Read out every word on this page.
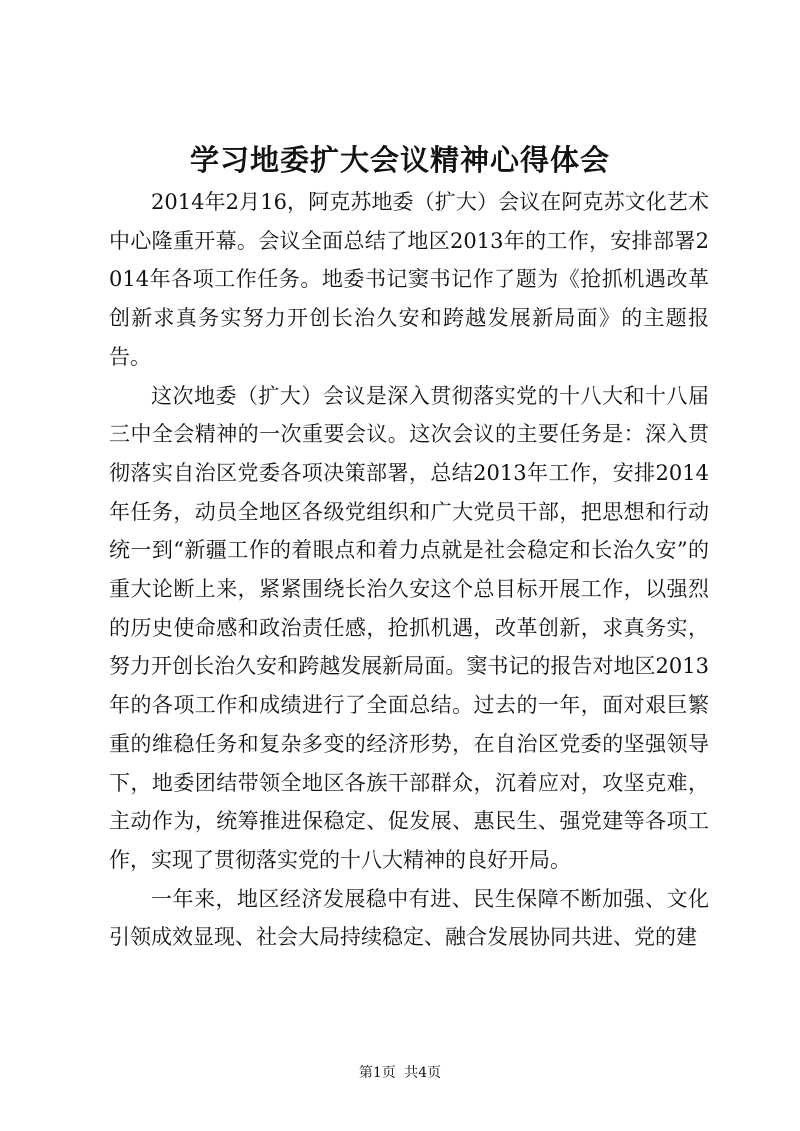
学习地委扩大会议精神心得体会

2014年2月16，阿克苏地委（扩大）会议在阿克苏文化艺术中心隆重开幕。会议全面总结了地区2013年的工作，安排部署2014年各项工作任务。地委书记窦书记作了题为《抢抓机遇改革创新求真务实努力开创长治久安和跨越发展新局面》的主题报告。

这次地委（扩大）会议是深入贯彻落实党的十八大和十八届三中全会精神的一次重要会议。这次会议的主要任务是：深入贯彻落实自治区党委各项决策部署，总结2013年工作，安排2014年任务，动员全地区各级党组织和广大党员干部，把思想和行动统一到“新疆工作的着眼点和着力点就是社会稳定和长治久安”的重大论断上来，紧紧围绕长治久安这个总目标开展工作，以强烈的历史使命感和政治责任感，抢抓机遇，改革创新，求真务实，努力开创长治久安和跨越发展新局面。窦书记的报告对地区2013年的各项工作和成绩进行了全面总结。过去的一年，面对艰巨繁重的维稳任务和复杂多变的经济形势，在自治区党委的坚强领导下，地委团结带领全地区各族干部群众，沉着应对，攻坚克难，主动作为，统筹推进保稳定、促发展、惠民生、强党建等各项工作，实现了贯彻落实党的十八大精神的良好开局。

一年来，地区经济发展稳中有进、民生保障不断加强、文化引领成效显现、社会大局持续稳定、融合发展协同共进、党的建

第1页 共4页
